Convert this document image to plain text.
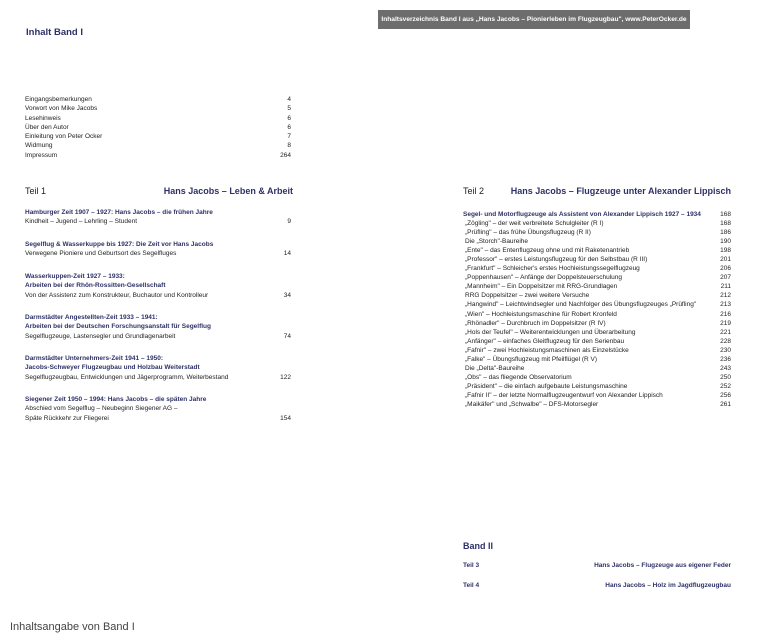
Inhaltsverzeichnis Band I aus „Hans Jacobs – Pionierleben im Flugzeugbau", www.PeterOcker.de
Inhalt Band I
Eingangsbemerkungen	4
Vorwort von Mike Jacobs	5
Lesehinweis	6
Über den Autor	6
Einleitung von Peter Ocker	7
Widmung	8
Impressum	264
Teil 1	Hans Jacobs – Leben & Arbeit
Hamburger Zeit 1907 – 1927: Hans Jacobs – die frühen Jahre
Kindheit – Jugend – Lehrling – Student	9
Segelflug & Wasserkuppe bis 1927: Die Zeit vor Hans Jacobs
Verwegene Pioniere und Geburtsort des Segelfluges	14
Wasserkuppen-Zeit 1927 – 1933:
Arbeiten bei der Rhön-Rossitten-Gesellschaft
Von der Assistenz zum Konstrukteur, Buchautor und Kontrolleur	34
Darmstädter Angestellten-Zeit 1933 – 1941:
Arbeiten bei der Deutschen Forschungsanstalt für Segelflug
Segelflugzeuge, Lastensegler und Grundlagenarbeit	74
Darmstädter Unternehmers-Zeit 1941 – 1950:
Jacobs-Schweyer Flugzeugbau und Holzbau Weiterstadt
Segelflugzeugbau, Entwicklungen und Jägerprogramm, Weiterbestand	122
Siegener Zeit 1950 – 1994: Hans Jacobs – die späten Jahre
Abschied vom Segelflug – Neubeginn Siegener AG –
Späte Rückkehr zur Fliegerei	154
Teil 2	Hans Jacobs – Flugzeuge unter Alexander Lippisch
Segel- und Motorflugzeuge als Assistent von Alexander Lippisch 1927 – 1934	168
„Zögling" – der weit verbreitete Schulgleiter (R I)	168
„Prüfling" – das frühe Übungsflugzeug (R II)	186
Die „Storch"-Baureihe	190
„Ente" – das Entenflugzeug ohne und mit Raketenantrieb	198
„Professor" – erstes Leistungsflugzeug für den Selbstbau (R III)	201
„Frankfurt" – Schleicher's erstes Hochleistungssegelflugzeug	206
„Poppenhausen" – Anfänge der Doppelsteuerschulung	207
„Mannheim" – Ein Doppelsitzer mit RRG-Grundlagen	211
RRG Doppelsitzer – zwei weitere Versuche	212
„Hangwind" – Leichtwindsegler und Nachfolger des Übungsflugzeuges „Prüfling"	213
„Wien" – Hochleistungsmaschine für Robert Kronfeld	216
„Rhönadler" – Durchbruch im Doppelsitzer (R IV)	219
„Hols der Teufel" – Weiterentwicklungen und Überarbeitung	221
„Anfänger" – einfaches Gleitflugzeug für den Serienbau	228
„Fafnir" – zwei Hochleistungsmaschinen als Einzelstücke	230
„Falke" – Übungsflugzeug mit Pfeilflügel (R V)	236
Die „Delta"-Baureihe	243
„Obs" – das fliegende Observatorium	250
„Präsident" – die einfach aufgebaute Leistungsmaschine	252
„Fafnir II" – der letzte Normalflugzeugentwurf von Alexander Lippisch	256
„Maikäfer" und „Schwalbe" – DFS-Motorsegler	261
Band II
Teil 3	Hans Jacobs – Flugzeuge aus eigener Feder
Teil 4	Hans Jacobs – Holz im Jagdflugzeugbau
Inhaltsangabe von Band I
